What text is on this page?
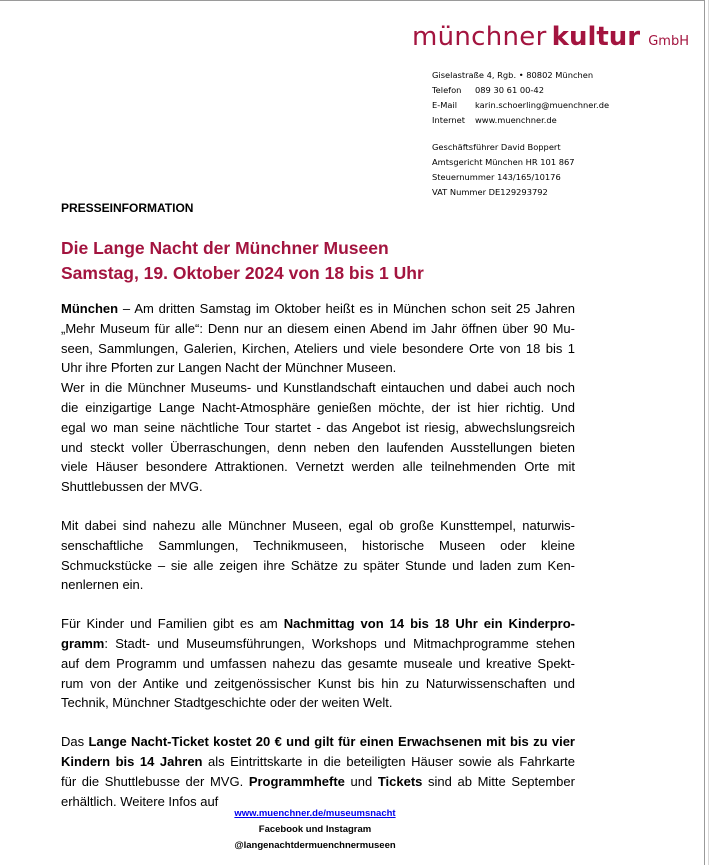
münchner kultur GmbH
Giselastraße 4, Rgb. • 80802 München
Telefon 089 30 61 00-42
E-Mail karin.schoerling@muenchner.de
Internet www.muenchner.de
Geschäftsführer David Boppert
Amtsgericht München HR 101 867
Steuernummer 143/165/10176
VAT Nummer DE129293792
PRESSEINFORMATION
Die Lange Nacht der Münchner Museen
Samstag, 19. Oktober 2024 von 18 bis 1 Uhr
München – Am dritten Samstag im Oktober heißt es in München schon seit 25 Jahren
„Mehr Museum für alle“: Denn nur an diesem einen Abend im Jahr öffnen über 90 Mu-
seen, Sammlungen, Galerien, Kirchen, Ateliers und viele besondere Orte von 18 bis 1
Uhr ihre Pforten zur Langen Nacht der Münchner Museen.
Wer in die Münchner Museums- und Kunstlandschaft eintauchen und dabei auch noch
die einzigartige Lange Nacht-Atmosphäre genießen möchte, der ist hier richtig. Und
egal wo man seine nächtliche Tour startet - das Angebot ist riesig, abwechslungsreich
und steckt voller Überraschungen, denn neben den laufenden Ausstellungen bieten
viele Häuser besondere Attraktionen. Vernetzt werden alle teilnehmenden Orte mit
Shuttlebussen der MVG.
Mit dabei sind nahezu alle Münchner Museen, egal ob große Kunsttempel, naturwis-
senschaftliche Sammlungen, Technikmuseen, historische Museen oder kleine
Schmuckstücke – sie alle zeigen ihre Schätze zu später Stunde und laden zum Ken-
nenlernen ein.
Für Kinder und Familien gibt es am Nachmittag von 14 bis 18 Uhr ein Kinderpro-
gramm: Stadt- und Museumsführungen, Workshops und Mitmachprogramme stehen
auf dem Programm und umfassen nahezu das gesamte museale und kreative Spekt-
rum von der Antike und zeitgenössischer Kunst bis hin zu Naturwissenschaften und
Technik, Münchner Stadtgeschichte oder der weiten Welt.
Das Lange Nacht-Ticket kostet 20 € und gilt für einen Erwachsenen mit bis zu vier
Kindern bis 14 Jahren als Eintrittskarte in die beteiligten Häuser sowie als Fahrkarte
für die Shuttlebusse der MVG. Programmhefte und Tickets sind ab Mitte September
erhältlich. Weitere Infos auf
www.muenchner.de/museumsnacht
Facebook und Instagram
@langenachtdermuenchnermuseen
